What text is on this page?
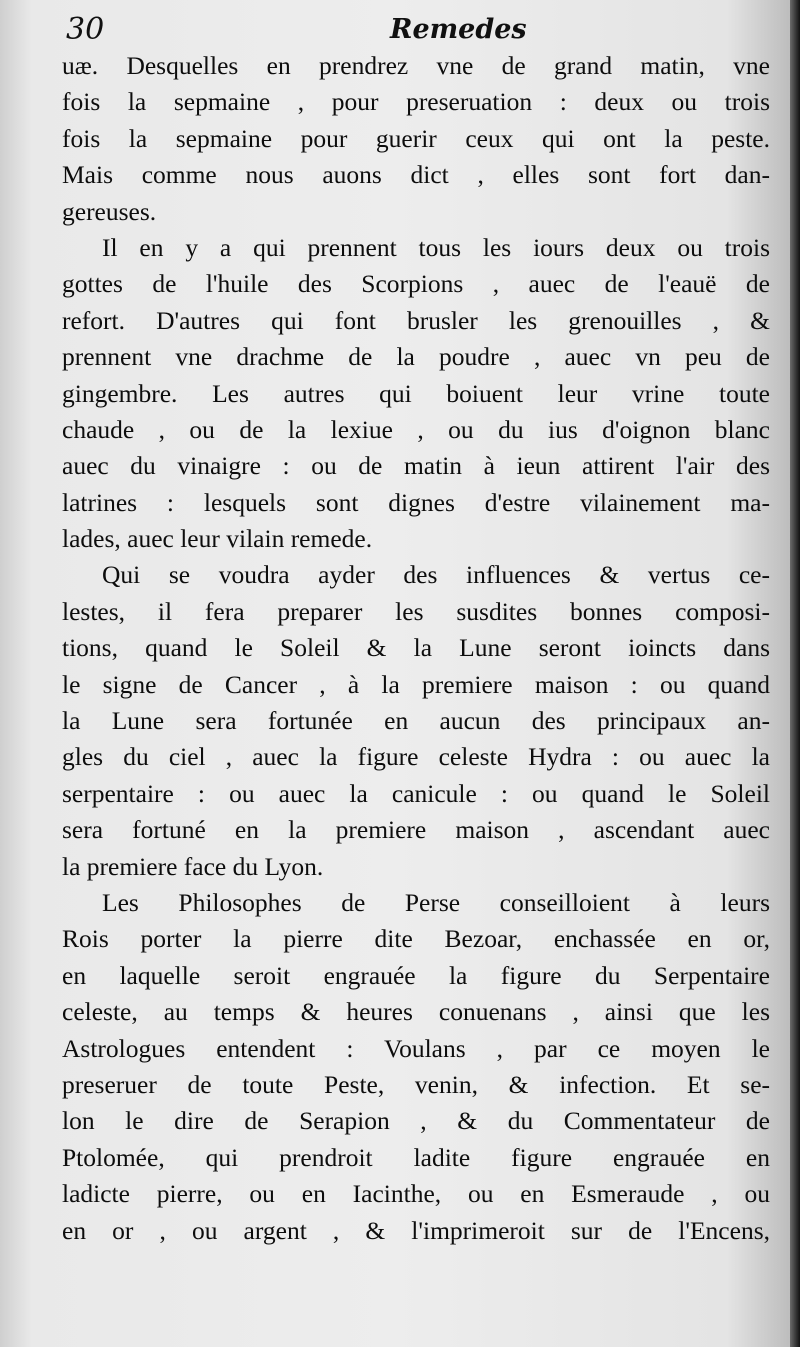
30	Remedes
uæ. Desquelles en prendrez vne de grand matin, vne
fois la sepmaine , pour preseruation : deux ou trois
fois la sepmaine pour guerir ceux qui ont la peste.
Mais comme nous auons dict , elles sont fort dan-
gereuses.
Il en y a qui prennent tous les iours deux ou trois
gottes de l'huile des Scorpions , auec de l'eauë de
refort. D'autres qui font brusler les grenouilles , &
prennent vne drachme de la poudre , auec vn peu de
gingembre. Les autres qui boiuent leur vrine toute
chaude , ou de la lexiue , ou du ius d'oignon blanc
auec du vinaigre : ou de matin à ieun attirent l'air des
latrines : lesquels sont dignes d'estre vilainement ma-
lades, auec leur vilain remede.
Qui se voudra ayder des influences & vertus ce-
lestes, il fera preparer les susdites bonnes composi-
tions, quand le Soleil & la Lune seront ioincts dans
le signe de Cancer , à la premiere maison : ou quand
la Lune sera fortunée en aucun des principaux an-
gles du ciel , auec la figure celeste Hydra : ou auec la
serpentaire : ou auec la canicule : ou quand le Soleil
sera fortuné en la premiere maison , ascendant auec
la premiere face du Lyon.
Les Philosophes de Perse conseilloient à leurs
Rois porter la pierre dite Bezoar, enchassée en or,
en laquelle seroit engrauée la figure du Serpentaire
celeste, au temps & heures conuenans , ainsi que les
Astrologues entendent : Voulans , par ce moyen le
preseruer de toute Peste, venin, & infection. Et se-
lon le dire de Serapion , & du Commentateur de
Ptolomée, qui prendroit ladite figure engrauée en
ladicte pierre, ou en Iacinthe, ou en Esmeraude , ou
en or , ou argent , & l'imprimeroit sur de l'Encens,
